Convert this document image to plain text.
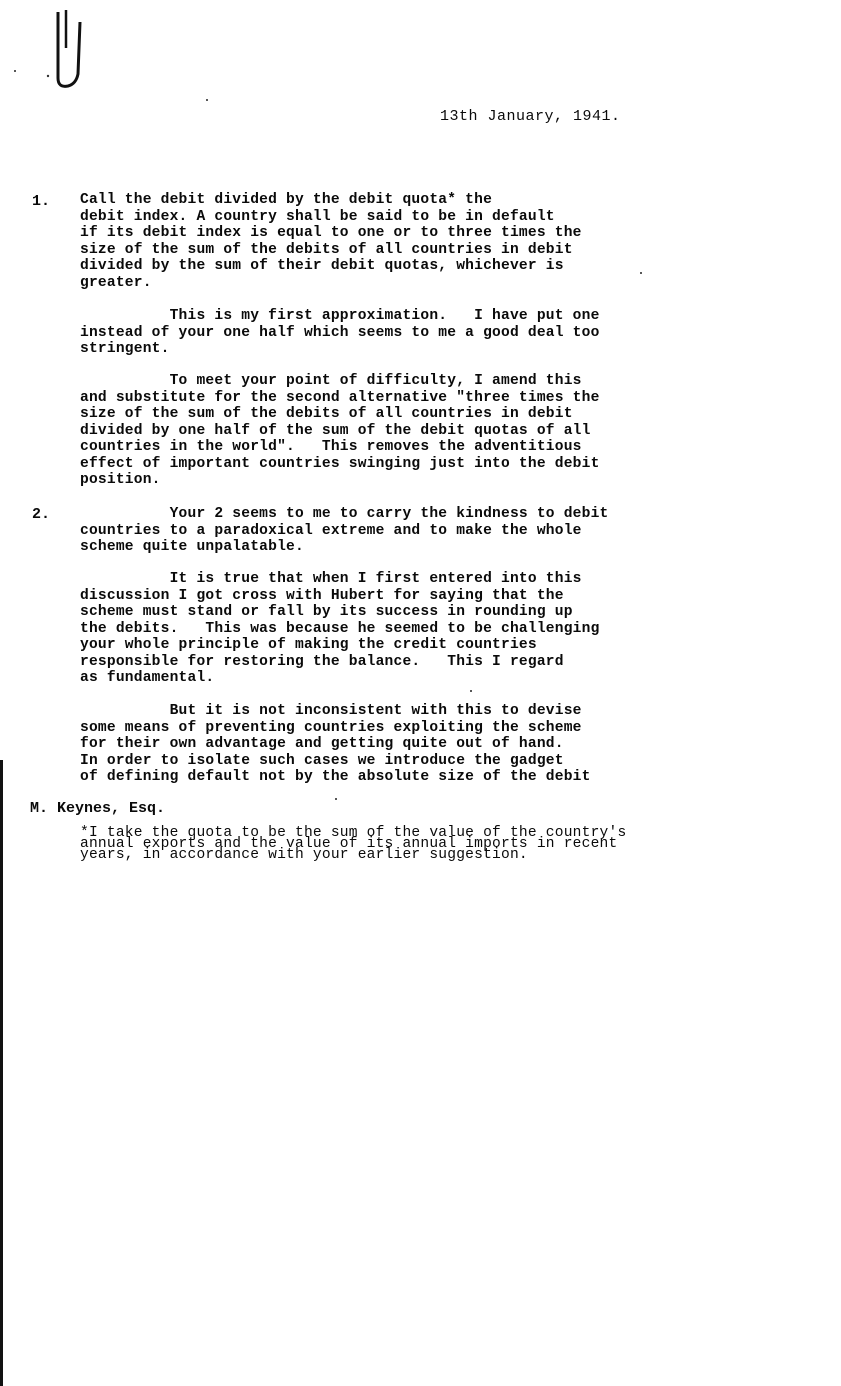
13th January, 1941.
1. Call the debit divided by the debit quota* the
debit index. A country shall be said to be in default
if its debit index is equal to one or to three times the
size of the sum of the debits of all countries in debit
divided by the sum of their debit quotas, whichever is
greater.
This is my first approximation.   I have put one
instead of your one half which seems to me a good deal too
stringent.
To meet your point of difficulty, I amend this
and substitute for the second alternative "three times the
size of the sum of the debits of all countries in debit
divided by one half of the sum of the debit quotas of all
countries in the world".   This removes the adventitious
effect of important countries swinging just into the debit
position.
2.	Your 2 seems to me to carry the kindness to debit
countries to a paradoxical extreme and to make the whole
scheme quite unpalatable.
It is true that when I first entered into this
discussion I got cross with Hubert for saying that the
scheme must stand or fall by its success in rounding up
the debits.   This was because he seemed to be challenging
your whole principle of making the credit countries
responsible for restoring the balance.   This I regard
as fundamental.
But it is not inconsistent with this to devise
some means of preventing countries exploiting the scheme
for their own advantage and getting quite out of hand.
In order to isolate such cases we introduce the gadget
of defining default not by the absolute size of the debit
M. Keynes, Esq.
*I take the quota to be the sum of the value of the country's
annual exports and the value of its annual imports in recent
years, in accordance with your earlier suggestion.
